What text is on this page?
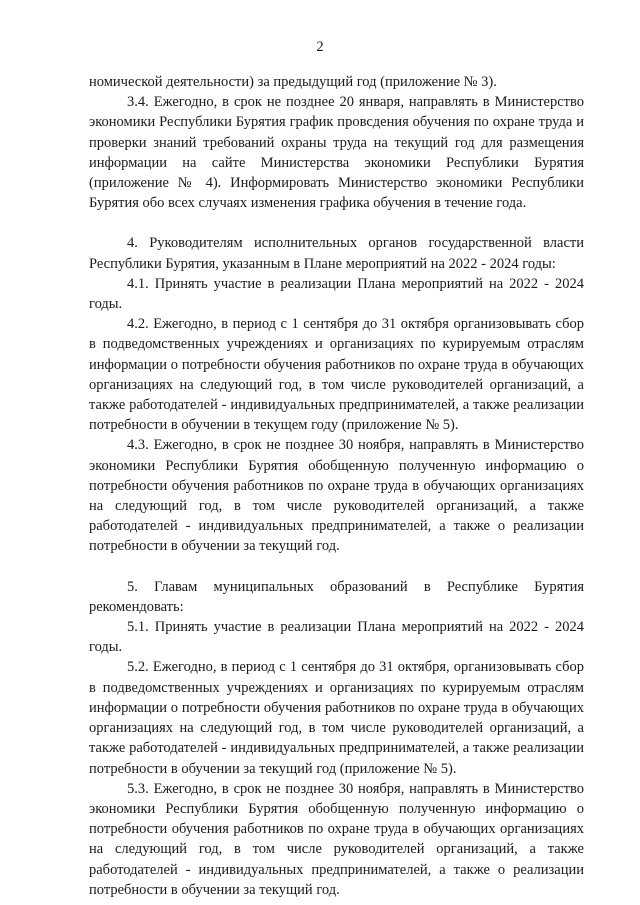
2

номической деятельности) за предыдущий год (приложение № 3).

3.4. Ежегодно, в срок не позднее 20 января, направлять в Министерство экономики Республики Бурятия график провсдения обучения по охране труда и проверки знаний требований охраны труда на текущий год для размещения информации на сайте Министерства экономики Республики Бурятия (приложение № 4). Информировать Министерство экономики Республики Бурятия обо всех случаях изменения графика обучения в течение года.

4. Руководителям исполнительных органов государственной власти Республики Бурятия, указанным в Плане мероприятий на 2022 - 2024 годы:

4.1. Принять участие в реализации Плана мероприятий на 2022 - 2024 годы.

4.2. Ежегодно, в период с 1 сентября до 31 октября организовывать сбор в подведомственных учреждениях и организациях по курируемым отраслям информации о потребности обучения работников по охране труда в обучающих организациях на следующий год, в том числе руководителей организаций, а также работодателей - индивидуальных предпринимателей, а также реализации потребности в обучении в текущем году (приложение № 5).

4.3. Ежегодно, в срок не позднее 30 ноября, направлять в Министерство экономики Республики Бурятия обобщенную полученную информацию о потребности обучения работников по охране труда в обучающих организациях на следующий год, в том числе руководителей организаций, а также работодателей - индивидуальных предпринимателей, а также о реализации потребности в обучении за текущий год.

5. Главам муниципальных образований в Республике Бурятия рекомендовать:

5.1. Принять участие в реализации Плана мероприятий на 2022 - 2024 годы.

5.2. Ежегодно, в период с 1 сентября до 31 октября, организовывать сбор в подведомственных учреждениях и организациях по курируемым отраслям информации о потребности обучения работников по охране труда в обучающих организациях на следующий год, в том числе руководителей организаций, а также работодателей - индивидуальных предпринимателей, а также реализации потребности в обучении за текущий год (приложение № 5).

5.3. Ежегодно, в срок не позднее 30 ноября, направлять в Министерство экономики Республики Бурятия обобщенную полученную информацию о потребности обучения работников по охране труда в обучающих организациях на следующий год, в том числе руководителей организаций, а также работодателей - индивидуальных предпринимателей, а также о реализации потребности в обучении за текущий год.
